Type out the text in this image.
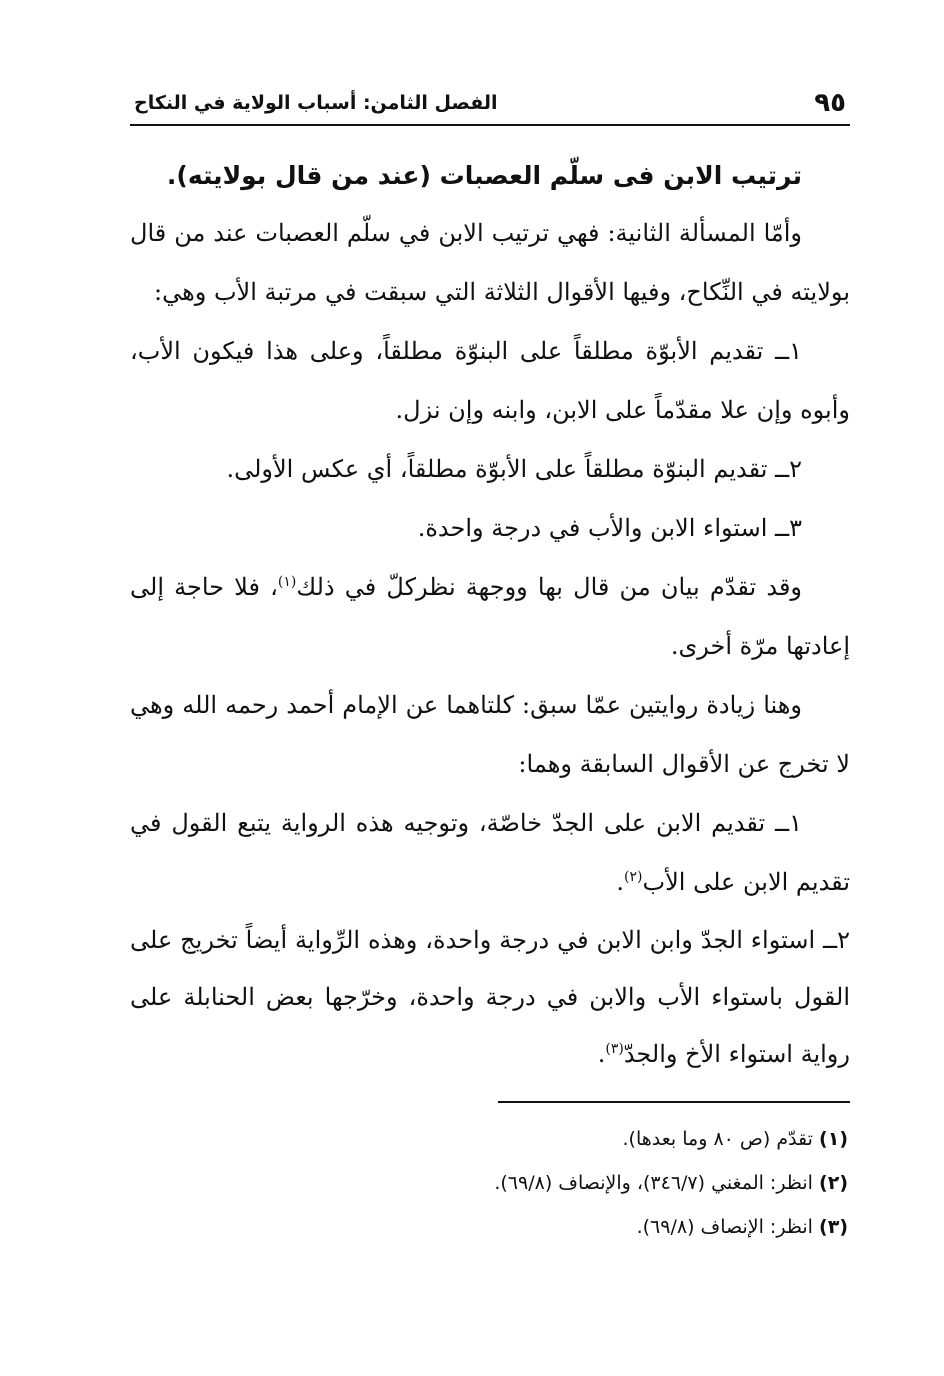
٩٥
الفصل الثامن: أسباب الولاية في النكاح
ترتيب الابن فى سلّم العصبات (عند من قال بولايته).

وأمّا المسألة الثانية: فهي ترتيب الابن في سلّم العصبات عند من قال بولايته في النِّكاح، وفيها الأقوال الثلاثة التي سبقت في مرتبة الأب وهي:

١ــ تقديم الأبوّة مطلقاً على البنوّة مطلقاً، وعلى هذا فيكون الأب، وأبوه وإن علا مقدّماً على الابن، وابنه وإن نزل.

٢ــ تقديم البنوّة مطلقاً على الأبوّة مطلقاً، أي عكس الأولى.

٣ــ استواء الابن والأب في درجة واحدة.

وقد تقدّم بيان من قال بها ووجهة نظركلّ في ذلك$^{(١)}$، فلا حاجة إلى إعادتها مرّة أخرى.

وهنا زيادة روايتين عمّا سبق: كلتاهما عن الإمام أحمد رحمه الله وهي لا تخرج عن الأقوال السابقة وهما:

١ــ تقديم الابن على الجدّ خاصّة، وتوجيه هذه الرواية يتبع القول في تقديم الابن على الأب$^{(٢)}$.

٢ــ استواء الجدّ وابن الابن في درجة واحدة، وهذه الرِّواية أيضاً تخريج على القول باستواء الأب والابن في درجة واحدة، وخرّجها بعض الحنابلة على رواية استواء الأخ والجدّ$^{(٣)}$.

(١) تقدّم (ص ٨٠ وما بعدها).
(٢) انظر: المغني (٣٤٦/٧)، والإنصاف (٦٩/٨).
(٣) انظر: الإنصاف (٦٩/٨).
